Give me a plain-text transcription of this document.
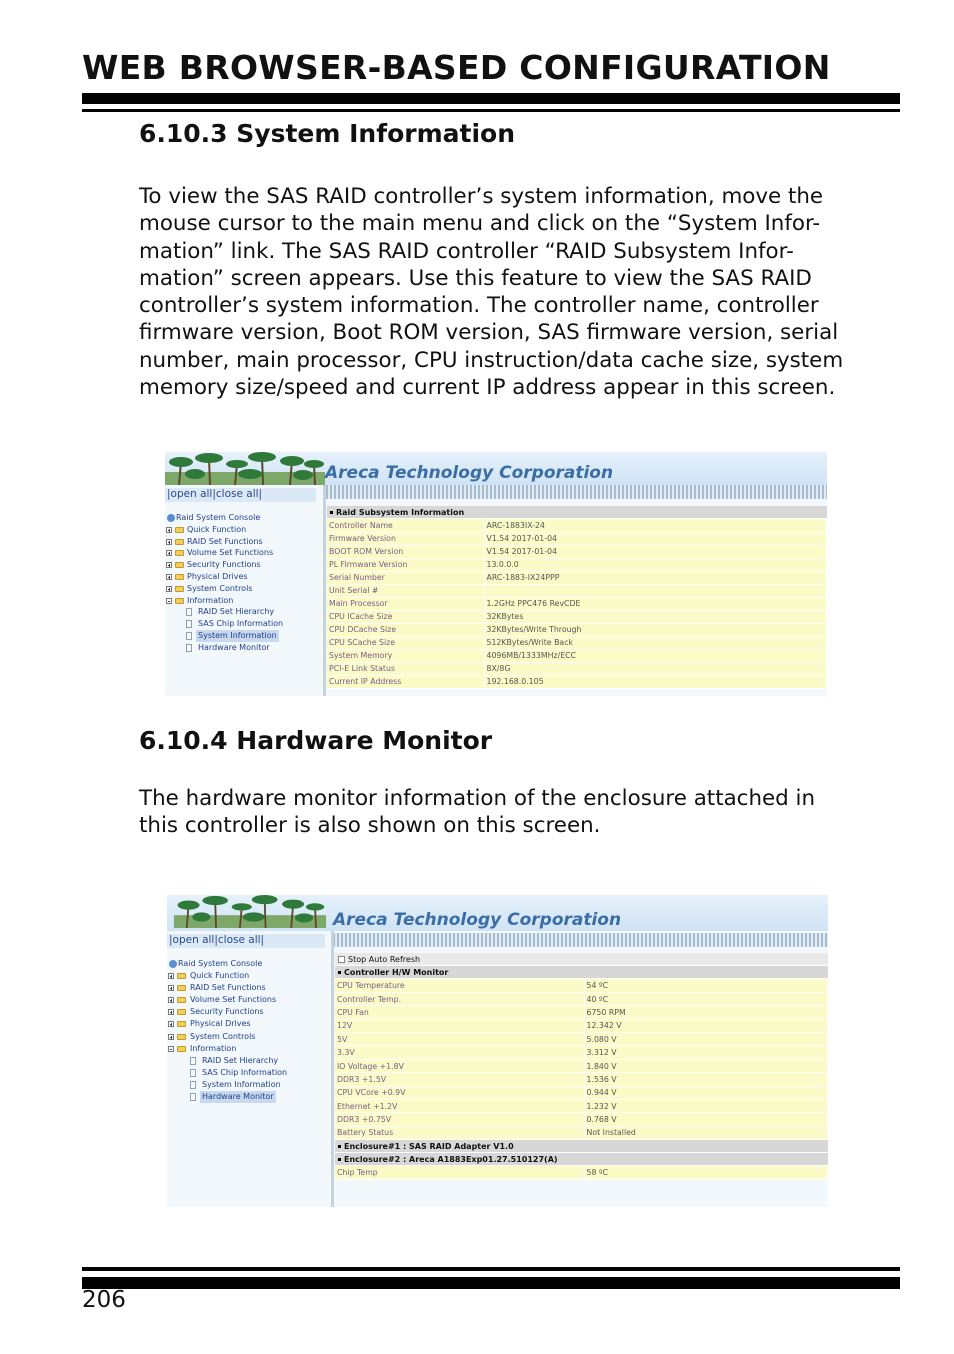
WEB BROWSER-BASED CONFIGURATION
6.10.3 System Information
To view the SAS RAID controller’s system information, move the
mouse cursor to the main menu and click on the “System Infor-
mation” link. The SAS RAID controller “RAID Subsystem Infor-
mation” screen appears. Use this feature to view the SAS RAID
controller’s system information. The controller name, controller
firmware version, Boot ROM version, SAS firmware version, serial
number, main processor, CPU instruction/data cache size, system
memory size/speed and current IP address appear in this screen.
Areca Technology Corporation
|open all|close all|
Raid System Console
Quick Function
RAID Set Functions
Volume Set Functions
Security Functions
Physical Drives
System Controls
Information
RAID Set Hierarchy
SAS Chip Information
System Information
Hardware Monitor
Raid Subsystem Information
Controller Name	ARC-1883IX-24
Firmware Version	V1.54 2017-01-04
BOOT ROM Version	V1.54 2017-01-04
PL Firmware Version	13.0.0.0
Serial Number	ARC-1883-IX24PPP
Unit Serial #	
Main Processor	1.2GHz PPC476 RevCDE
CPU ICache Size	32KBytes
CPU DCache Size	32KBytes/Write Through
CPU SCache Size	512KBytes/Write Back
System Memory	4096MB/1333MHz/ECC
PCI-E Link Status	8X/8G
Current IP Address	192.168.0.105
6.10.4 Hardware Monitor
The hardware monitor information of the enclosure attached in
this controller is also shown on this screen.
Areca Technology Corporation
|open all|close all|
Raid System Console
Quick Function
RAID Set Functions
Volume Set Functions
Security Functions
Physical Drives
System Controls
Information
RAID Set Hierarchy
SAS Chip Information
System Information
Hardware Monitor
Stop Auto Refresh
Controller H/W Monitor
CPU Temperature	54 ºC
Controller Temp.	40 ºC
CPU Fan	6750 RPM
12V	12.342 V
5V	5.080 V
3.3V	3.312 V
IO Voltage +1.8V	1.840 V
DDR3 +1.5V	1.536 V
CPU VCore +0.9V	0.944 V
Ethernet +1.2V	1.232 V
DDR3 +0.75V	0.768 V
Battery Status	Not Installed
Enclosure#1 : SAS RAID Adapter V1.0
Enclosure#2 : Areca A1883Exp01.27.510127(A)
Chip Temp	58 ºC
206
